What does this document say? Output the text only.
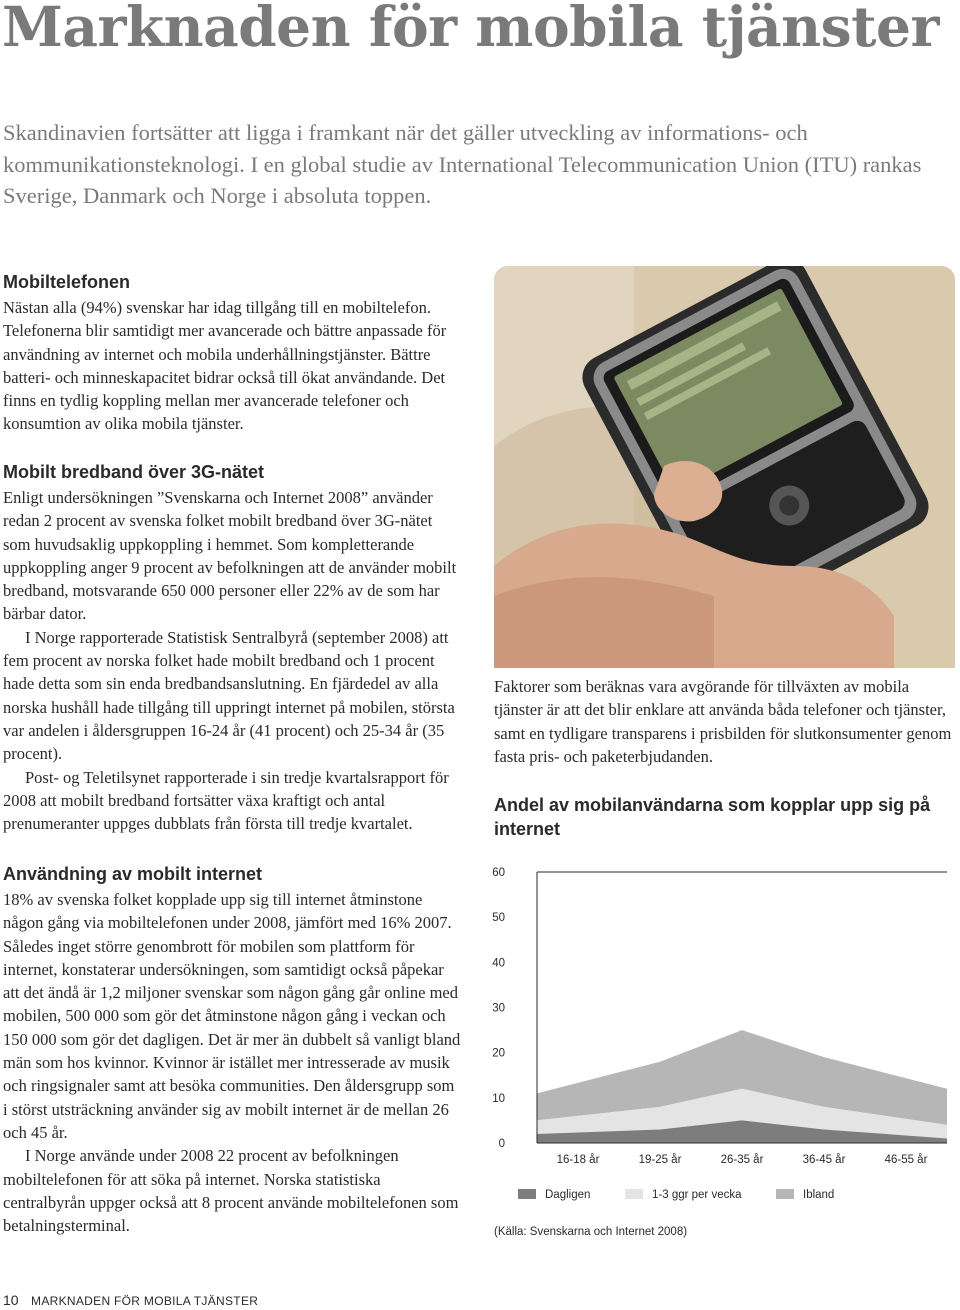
Marknaden för mobila tjänster

Skandinavien fortsätter att ligga i framkant när det gäller utveckling av informations- och kommunikationsteknologi. I en global studie av International Telecommunication Union (ITU) rankas Sverige, Danmark och Norge i absoluta toppen.

Mobiltelefonen

Nästan alla (94%) svenskar har idag tillgång till en mobiltelefon. Telefonerna blir samtidigt mer avancerade och bättre anpassade för användning av internet och mobila underhållningstjänster. Bättre batteri- och minneskapacitet bidrar också till ökat användande. Det finns en tydlig koppling mellan mer avancerade telefoner och konsumtion av olika mobila tjänster.

Mobilt bredband över 3G-nätet

Enligt undersökningen ”Svenskarna och Internet 2008” använder redan 2 procent av svenska folket mobilt bredband över 3G-nätet som huvudsaklig uppkoppling i hemmet. Som kompletterande uppkoppling anger 9 procent av befolkningen att de använder mobilt bredband, motsvarande 650 000 personer eller 22% av de som har bärbar dator.

I Norge rapporterade Statistisk Sentralbyrå (september 2008) att fem procent av norska folket hade mobilt bredband och 1 procent hade detta som sin enda bredbandsanslutning. En fjärdedel av alla norska hushåll hade tillgång till uppringt internet på mobilen, största var andelen i åldersgruppen 16-24 år (41 procent) och 25-34 år (35 procent).

Post- og Teletilsynet rapporterade i sin tredje kvartalsrapport för 2008 att mobilt bredband fortsätter växa kraftigt och antal prenumeranter uppges dubblats från första till tredje kvartalet.

Användning av mobilt internet

18% av svenska folket kopplade upp sig till internet åtminstone någon gång via mobiltelefonen under 2008, jämfört med 16% 2007. Således inget större genombrott för mobilen som plattform för internet, konstaterar undersökningen, som samtidigt också påpekar att det ändå är 1,2 miljoner svenskar som någon gång går online med mobilen, 500 000 som gör det åtminstone någon gång i veckan och 150 000 som gör det dagligen. Det är mer än dubbelt så vanligt bland män som hos kvinnor. Kvinnor är istället mer intresserade av musik och ringsignaler samt att besöka communities. Den åldersgrupp som i störst utsträckning använder sig av mobilt internet är de mellan 26 och 45 år.

I Norge använde under 2008 22 procent av befolkningen mobiltelefonen för att söka på internet. Norska statistiska centralbyrån uppger också att 8 procent använde mobiltelefonen som betalningsterminal.

Faktorer som beräknas vara avgörande för tillväxten av mobila tjänster är att det blir enklare att använda båda telefoner och tjänster, samt en tydligare transparens i prisbilden för slutkonsumenter genom fasta pris- och paketerbjudanden.

Andel av mobilanvändarna som kopplar upp sig på internet
0
10
20
30
40
50
60
16-18 år	19-25 år	26-35 år	36-45 år	46-55 år
Dagligen	1-3 ggr per vecka	Ibland

(Källa: Svenskarna och Internet 2008)

10 MARKNADEN FÖR MOBILA TJÄNSTER
